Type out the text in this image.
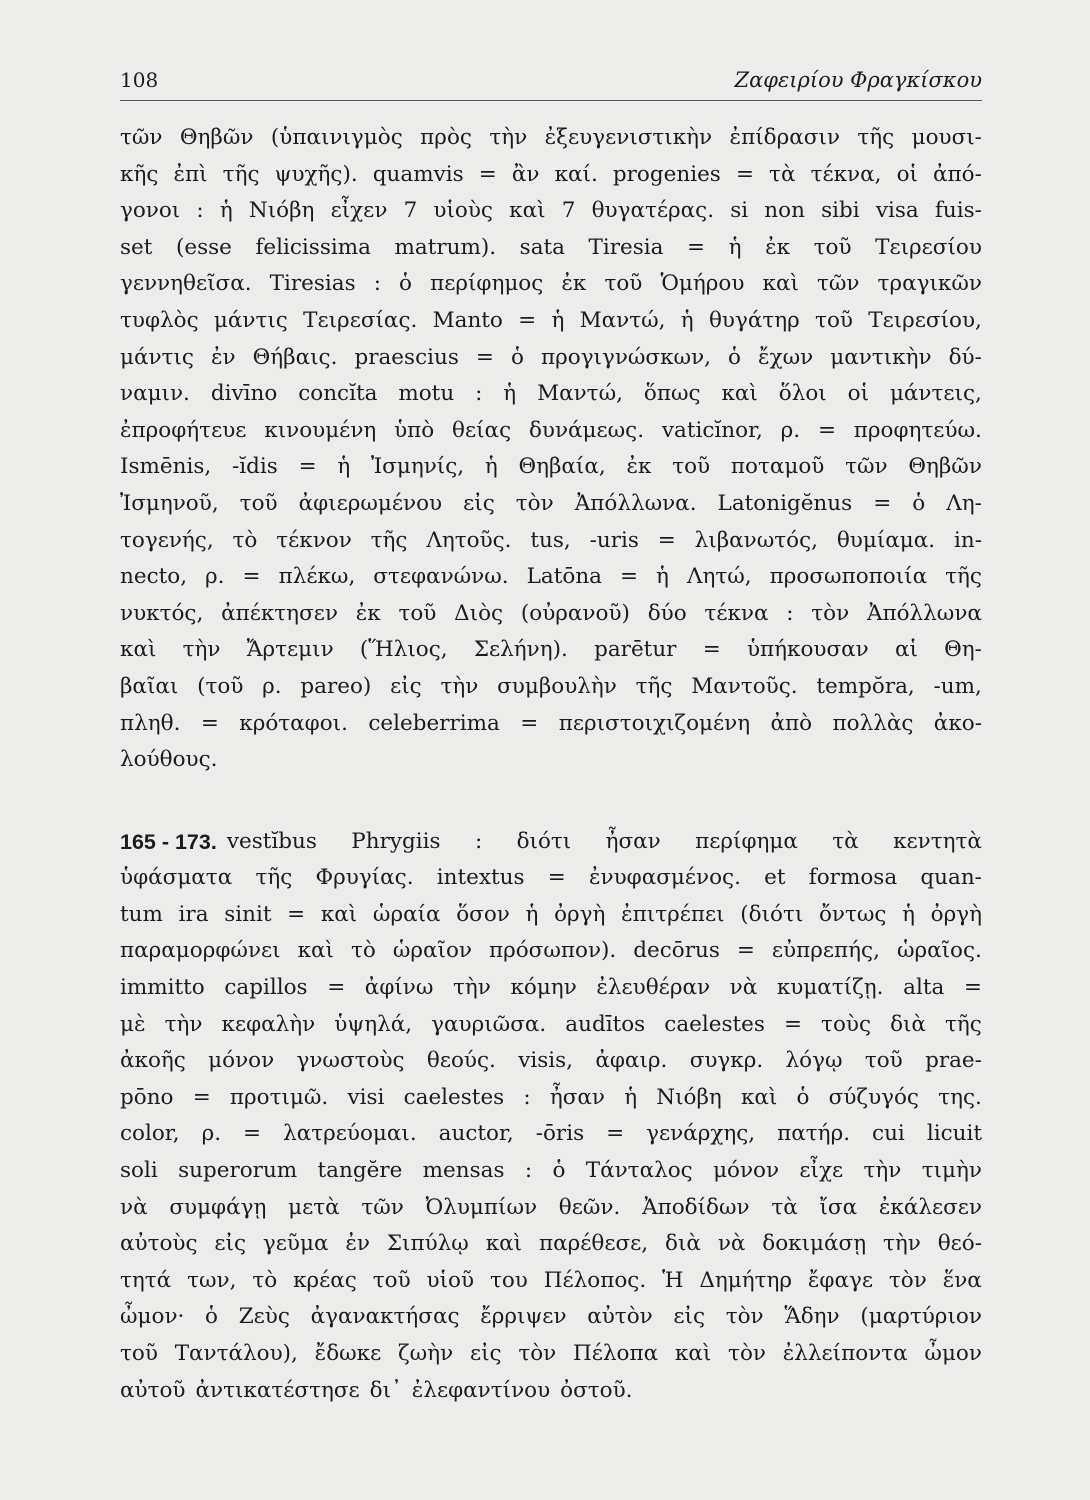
108	Ζαφειρίου Φραγκίσκου
τῶν Θηβῶν (ὑπαινιγμὸς πρὸς τὴν ἐξευγενιστικὴν ἐπίδρασιν τῆς μουσι-
κῆς ἐπὶ τῆς ψυχῆς). quamvis = ἂν καί. progenies = τὰ τέκνα, οἱ ἀπό-
γονοι : ἡ Νιόβη εἶχεν 7 υἱοὺς καὶ 7 θυγατέρας. si non sibi visa fuis-
set (esse felicissima matrum). sata Tiresia = ἡ ἐκ τοῦ Τειρεσίου
γεννηθεῖσα. Tiresias : ὁ περίφημος ἐκ τοῦ Ὁμήρου καὶ τῶν τραγικῶν
τυφλὸς μάντις Τειρεσίας. Manto = ἡ Μαντώ, ἡ θυγάτηρ τοῦ Τειρεσίου,
μάντις ἐν Θήβαις. praescius = ὁ προγιγνώσκων, ὁ ἔχων μαντικὴν δύ-
ναμιν. divīno concĭta motu : ἡ Μαντώ, ὅπως καὶ ὅλοι οἱ μάντεις,
ἐπροφήτευε κινουμένη ὑπὸ θείας δυνάμεως. vaticĭnor, ρ. = προφητεύω.
Ismēnis, -ĭdis = ἡ Ἰσμηνίς, ἡ Θηβαία, ἐκ τοῦ ποταμοῦ τῶν Θηβῶν
Ἰσμηνοῦ, τοῦ ἀφιερωμένου εἰς τὸν Ἀπόλλωνα. Latonigĕnus = ὁ Λη-
τογενής, τὸ τέκνον τῆς Λητοῦς. tus, -uris = λιβανωτός, θυμίαμα. in-
necto, ρ. = πλέκω, στεφανώνω. Latōna = ἡ Λητώ, προσωποποιία τῆς
νυκτός, ἀπέκτησεν ἐκ τοῦ Διὸς (οὐρανοῦ) δύο τέκνα : τὸν Ἀπόλλωνα
καὶ τὴν Ἄρτεμιν (Ἥλιος, Σελήνη). parētur = ὑπήκουσαν αἱ Θη-
βαῖαι (τοῦ ρ. pareo) εἰς τὴν συμβουλὴν τῆς Μαντοῦς. tempŏra, -um,
πληθ. = κρόταφοι. celeberrima = περιστοιχιζομένη ἀπὸ πολλὰς ἀκο-
λούθους.
165 - 173. vestĭbus Phrygiis : διότι ἦσαν περίφημα τὰ κεντητὰ
ὑφάσματα τῆς Φρυγίας. intextus = ἐνυφασμένος. et formosa quan-
tum ira sinit = καὶ ὡραία ὅσον ἡ ὀργὴ ἐπιτρέπει (διότι ὄντως ἡ ὀργὴ
παραμορφώνει καὶ τὸ ὡραῖον πρόσωπον). decōrus = εὐπρεπής, ὡραῖος.
immitto capillos = ἀφίνω τὴν κόμην ἐλευθέραν νὰ κυματίζῃ. alta =
μὲ τὴν κεφαλὴν ὑψηλά, γαυριῶσα. audītos caelestes = τοὺς διὰ τῆς
ἀκοῆς μόνον γνωστοὺς θεούς. visis, ἀφαιρ. συγκρ. λόγῳ τοῦ prae-
pōno = προτιμῶ. visi caelestes : ἦσαν ἡ Νιόβη καὶ ὁ σύζυγός της.
color, ρ. = λατρεύομαι. auctor, -ōris = γενάρχης, πατήρ. cui licuit
soli superorum tangĕre mensas : ὁ Τάνταλος μόνον εἶχε τὴν τιμὴν
νὰ συμφάγῃ μετὰ τῶν Ὀλυμπίων θεῶν. Ἀποδίδων τὰ ἴσα ἐκάλεσεν
αὐτοὺς εἰς γεῦμα ἐν Σιπύλῳ καὶ παρέθεσε, διὰ νὰ δοκιμάσῃ τὴν θεό-
τητά των, τὸ κρέας τοῦ υἱοῦ του Πέλοπος. Ἡ Δημήτηρ ἔφαγε τὸν ἕνα
ὦμον· ὁ Ζεὺς ἀγανακτήσας ἔρριψεν αὐτὸν εἰς τὸν Ἅδην (μαρτύριον
τοῦ Ταντάλου), ἔδωκε ζωὴν εἰς τὸν Πέλοπα καὶ τὸν ἐλλείποντα ὦμον
αὐτοῦ ἀντικατέστησε δι᾽ ἐλεφαντίνου ὀστοῦ.
